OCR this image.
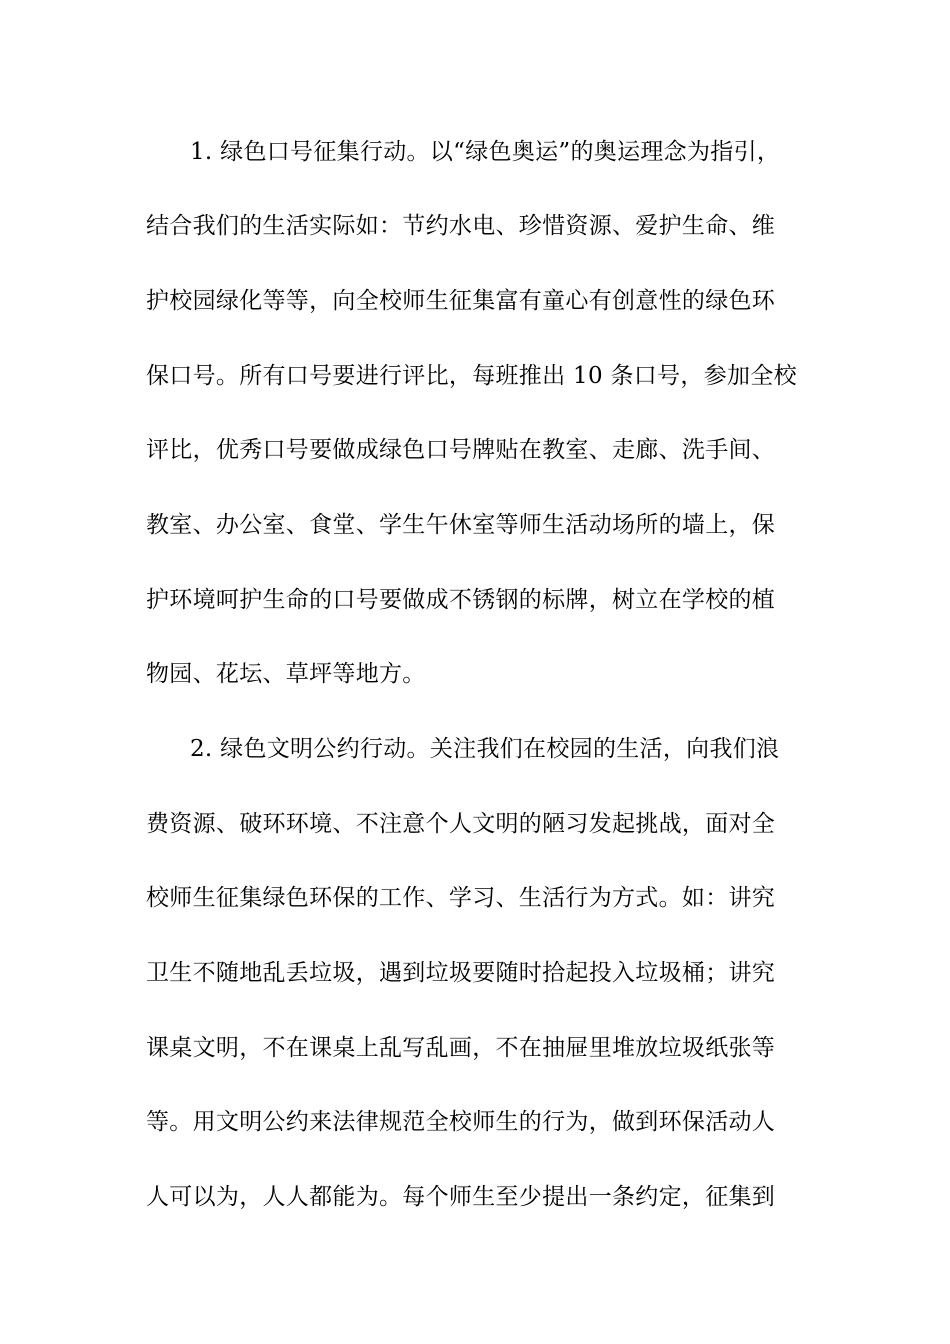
1. 绿色口号征集行动。以“绿色奥运”的奥运理念为指引，
结合我们的生活实际如：节约水电、珍惜资源、爱护生命、维
护校园绿化等等，向全校师生征集富有童心有创意性的绿色环
保口号。所有口号要进行评比，每班推出 10 条口号，参加全校
评比，优秀口号要做成绿色口号牌贴在教室、走廊、洗手间、
教室、办公室、食堂、学生午休室等师生活动场所的墙上，保
护环境呵护生命的口号要做成不锈钢的标牌，树立在学校的植
物园、花坛、草坪等地方。
2. 绿色文明公约行动。关注我们在校园的生活，向我们浪
费资源、破环环境、不注意个人文明的陋习发起挑战，面对全
校师生征集绿色环保的工作、学习、生活行为方式。如：讲究
卫生不随地乱丢垃圾，遇到垃圾要随时拾起投入垃圾桶；讲究
课桌文明，不在课桌上乱写乱画，不在抽屉里堆放垃圾纸张等
等。用文明公约来法律规范全校师生的行为，做到环保活动人
人可以为，人人都能为。每个师生至少提出一条约定，征集到
